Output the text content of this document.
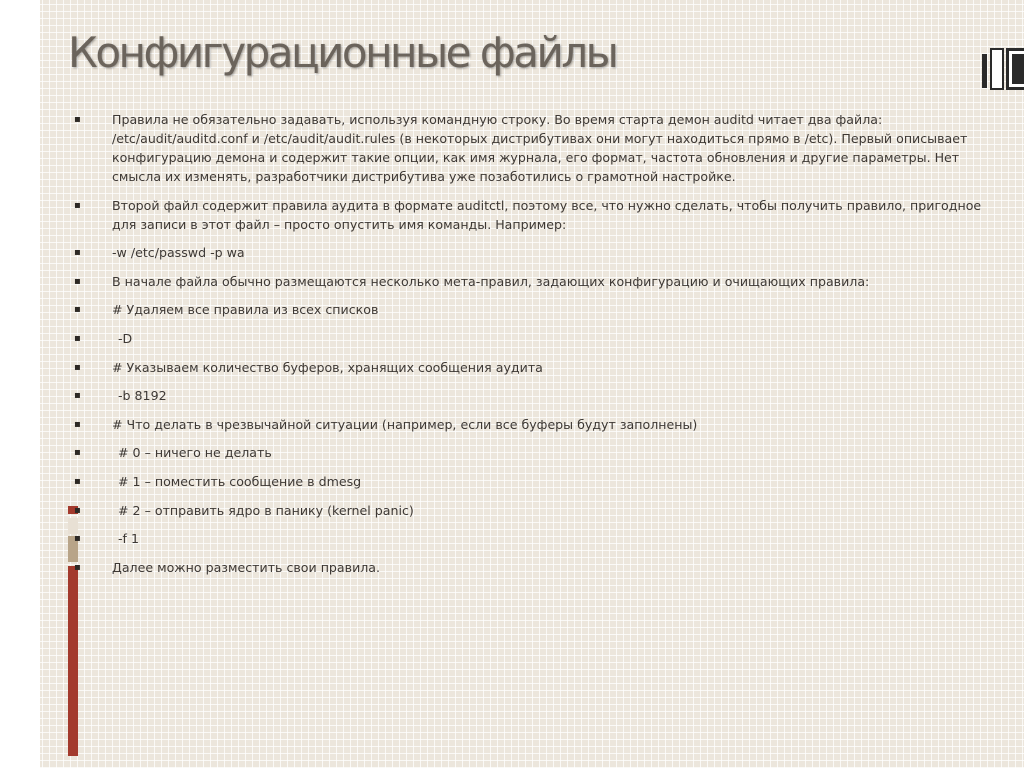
Конфигурационные файлы
▪ Правила не обязательно задавать, используя командную строку. Во время старта демон auditd читает два файла: /etc/audit/auditd.conf и /etc/audit/audit.rules (в некоторых дистрибутивах они могут находиться прямо в /etc). Первый описывает конфигурацию демона и содержит такие опции, как имя журнала, его формат, частота обновления и другие параметры. Нет смысла их изменять, разработчики дистрибутива уже позаботились о грамотной настройке.
▪ Второй файл содержит правила аудита в формате auditctl, поэтому все, что нужно сделать, чтобы получить правило, пригодное для записи в этот файл – просто опустить имя команды. Например:
▪ -w /etc/passwd -p wa
▪ В начале файла обычно размещаются несколько мета-правил, задающих конфигурацию и очищающих правила:
▪ # Удаляем все правила из всех списков
▪	-D
▪ # Указываем количество буферов, хранящих сообщения аудита
▪	-b 8192
▪ # Что делать в чрезвычайной ситуации (например, если все буферы будут заполнены)
▪	# 0 – ничего не делать
▪	# 1 – поместить сообщение в dmesg
▪	# 2 – отправить ядро в панику (kernel panic)
▪	-f 1
▪ Далее можно разместить свои правила.
